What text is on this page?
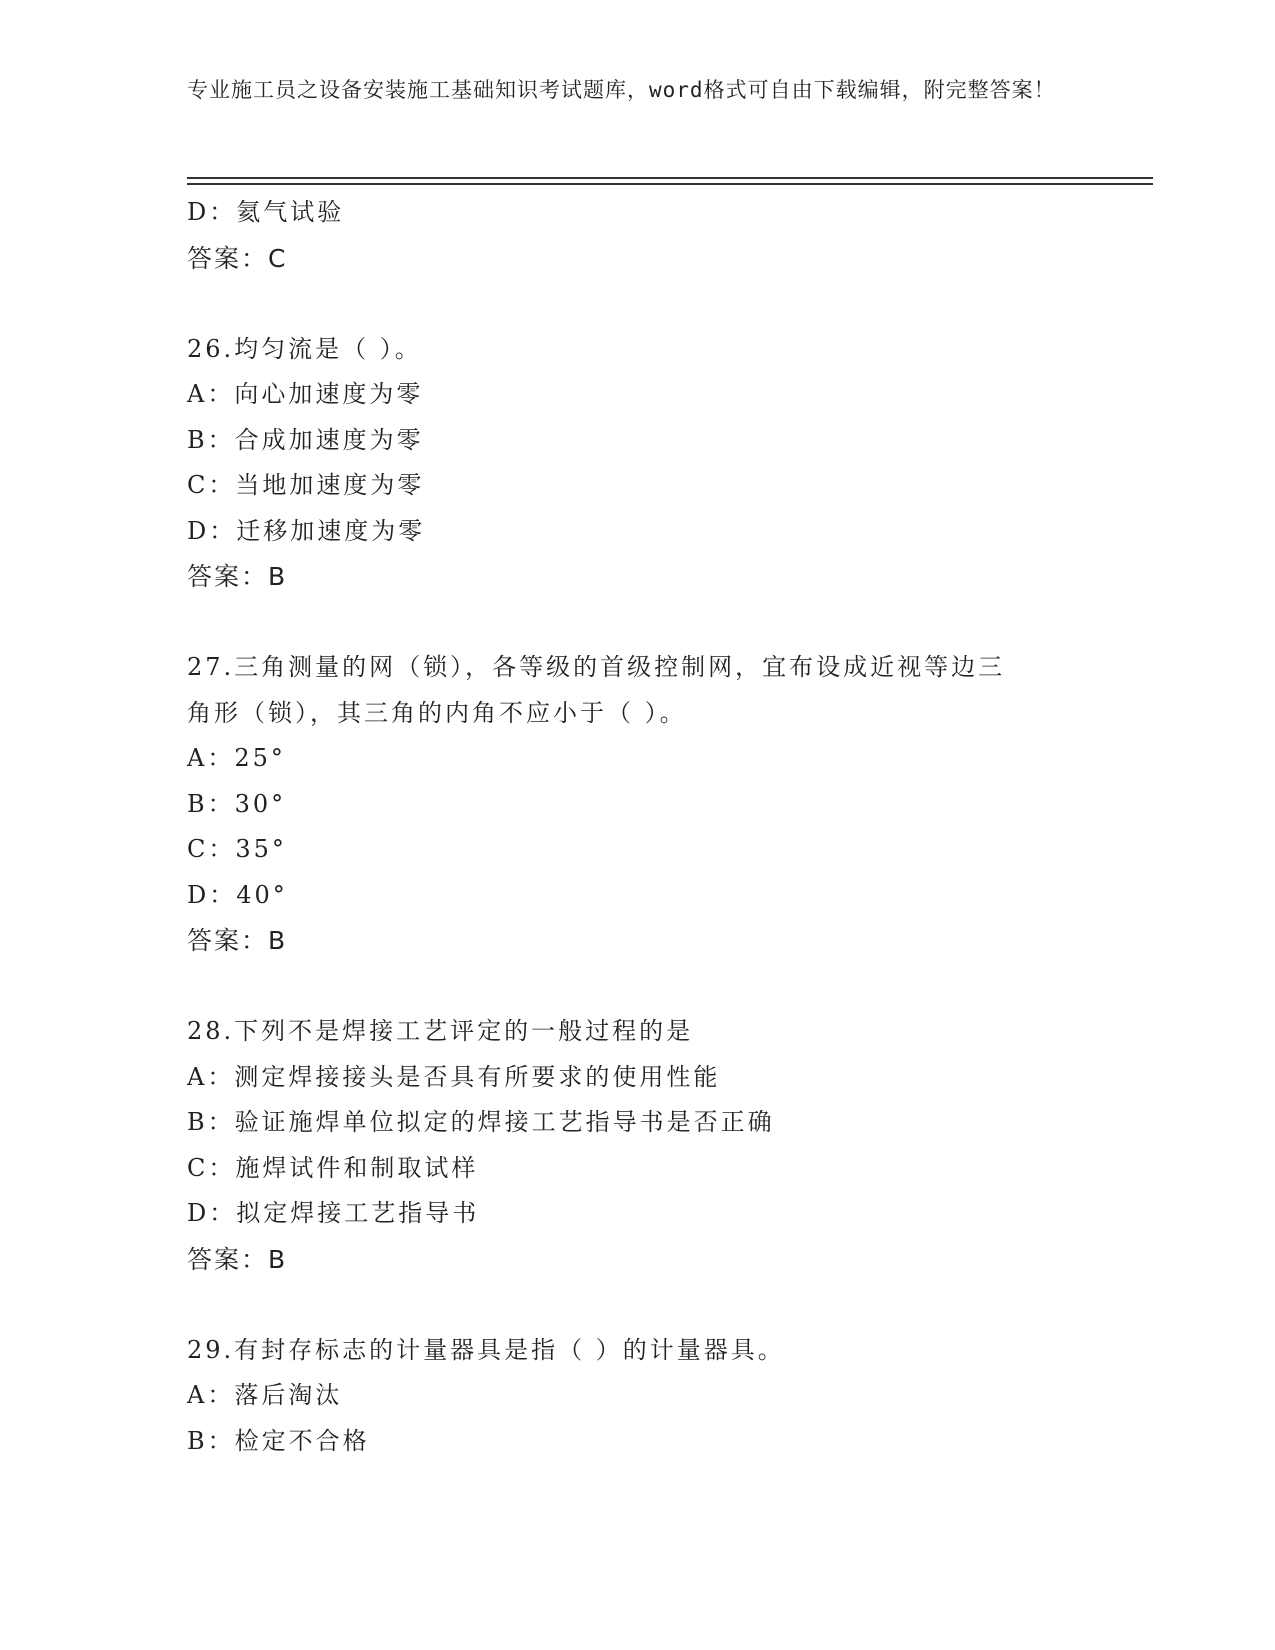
专业施工员之设备安装施工基础知识考试题库，word格式可自由下载编辑，附完整答案！
D：氦气试验
答案：C
26.均匀流是（ ）。
A：向心加速度为零
B：合成加速度为零
C：当地加速度为零
D：迁移加速度为零
答案：B
27.三角测量的网（锁），各等级的首级控制网，宜布设成近视等边三
角形（锁），其三角的内角不应小于（ ）。
A：25°
B：30°
C：35°
D：40°
答案：B
28.下列不是焊接工艺评定的一般过程的是
A：测定焊接接头是否具有所要求的使用性能
B：验证施焊单位拟定的焊接工艺指导书是否正确
C：施焊试件和制取试样
D：拟定焊接工艺指导书
答案：B
29.有封存标志的计量器具是指（ ）的计量器具。
A：落后淘汰
B：检定不合格
